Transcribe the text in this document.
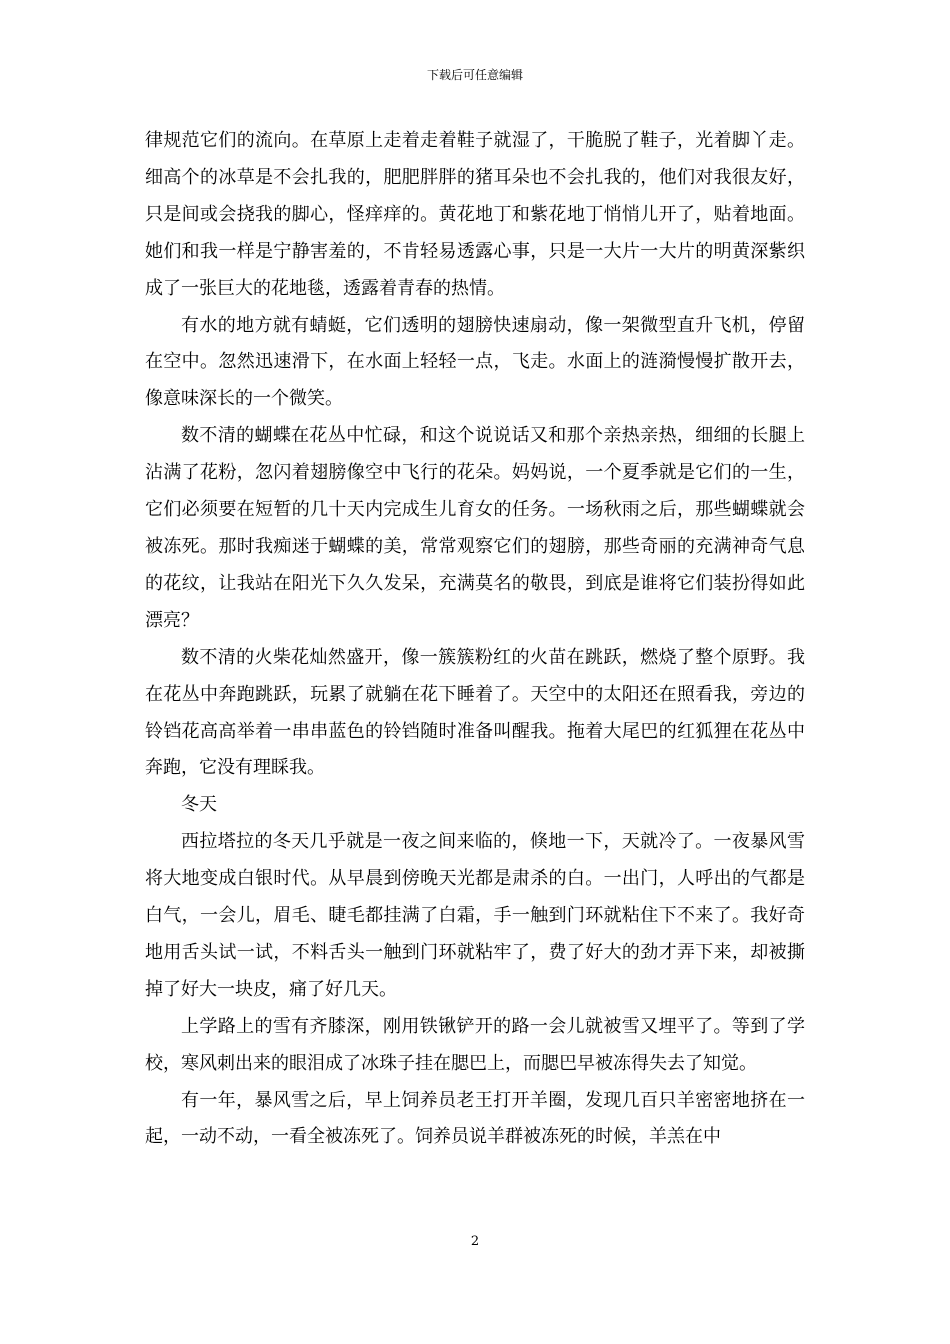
下载后可任意编辑

律规范它们的流向。在草原上走着走着鞋子就湿了，干脆脱了鞋子，光着脚丫走。细高个的冰草是不会扎我的，肥肥胖胖的猪耳朵也不会扎我的，他们对我很友好，只是间或会挠我的脚心，怪痒痒的。黄花地丁和紫花地丁悄悄儿开了，贴着地面。她们和我一样是宁静害羞的，不肯轻易透露心事，只是一大片一大片的明黄深紫织成了一张巨大的花地毯，透露着青春的热情。

有水的地方就有蜻蜓，它们透明的翅膀快速扇动，像一架微型直升飞机，停留在空中。忽然迅速滑下，在水面上轻轻一点，飞走。水面上的涟漪慢慢扩散开去，像意味深长的一个微笑。

数不清的蝴蝶在花丛中忙碌，和这个说说话又和那个亲热亲热，细细的长腿上沾满了花粉，忽闪着翅膀像空中飞行的花朵。妈妈说，一个夏季就是它们的一生，它们必须要在短暂的几十天内完成生儿育女的任务。一场秋雨之后，那些蝴蝶就会被冻死。那时我痴迷于蝴蝶的美，常常观察它们的翅膀，那些奇丽的充满神奇气息的花纹，让我站在阳光下久久发呆，充满莫名的敬畏，到底是谁将它们装扮得如此漂亮？

数不清的火柴花灿然盛开，像一簇簇粉红的火苗在跳跃，燃烧了整个原野。我在花丛中奔跑跳跃，玩累了就躺在花下睡着了。天空中的太阳还在照看我，旁边的铃铛花高高举着一串串蓝色的铃铛随时准备叫醒我。拖着大尾巴的红狐狸在花丛中奔跑，它没有理睬我。

冬天

西拉塔拉的冬天几乎就是一夜之间来临的，倏地一下，天就冷了。一夜暴风雪将大地变成白银时代。从早晨到傍晚天光都是肃杀的白。一出门，人呼出的气都是白气，一会儿，眉毛、睫毛都挂满了白霜，手一触到门环就粘住下不来了。我好奇地用舌头试一试，不料舌头一触到门环就粘牢了，费了好大的劲才弄下来，却被撕掉了好大一块皮，痛了好几天。

上学路上的雪有齐膝深，刚用铁锹铲开的路一会儿就被雪又埋平了。等到了学校，寒风刺出来的眼泪成了冰珠子挂在腮巴上，而腮巴早被冻得失去了知觉。

有一年，暴风雪之后，早上饲养员老王打开羊圈，发现几百只羊密密地挤在一起，一动不动，一看全被冻死了。饲养员说羊群被冻死的时候，羊羔在中

2
